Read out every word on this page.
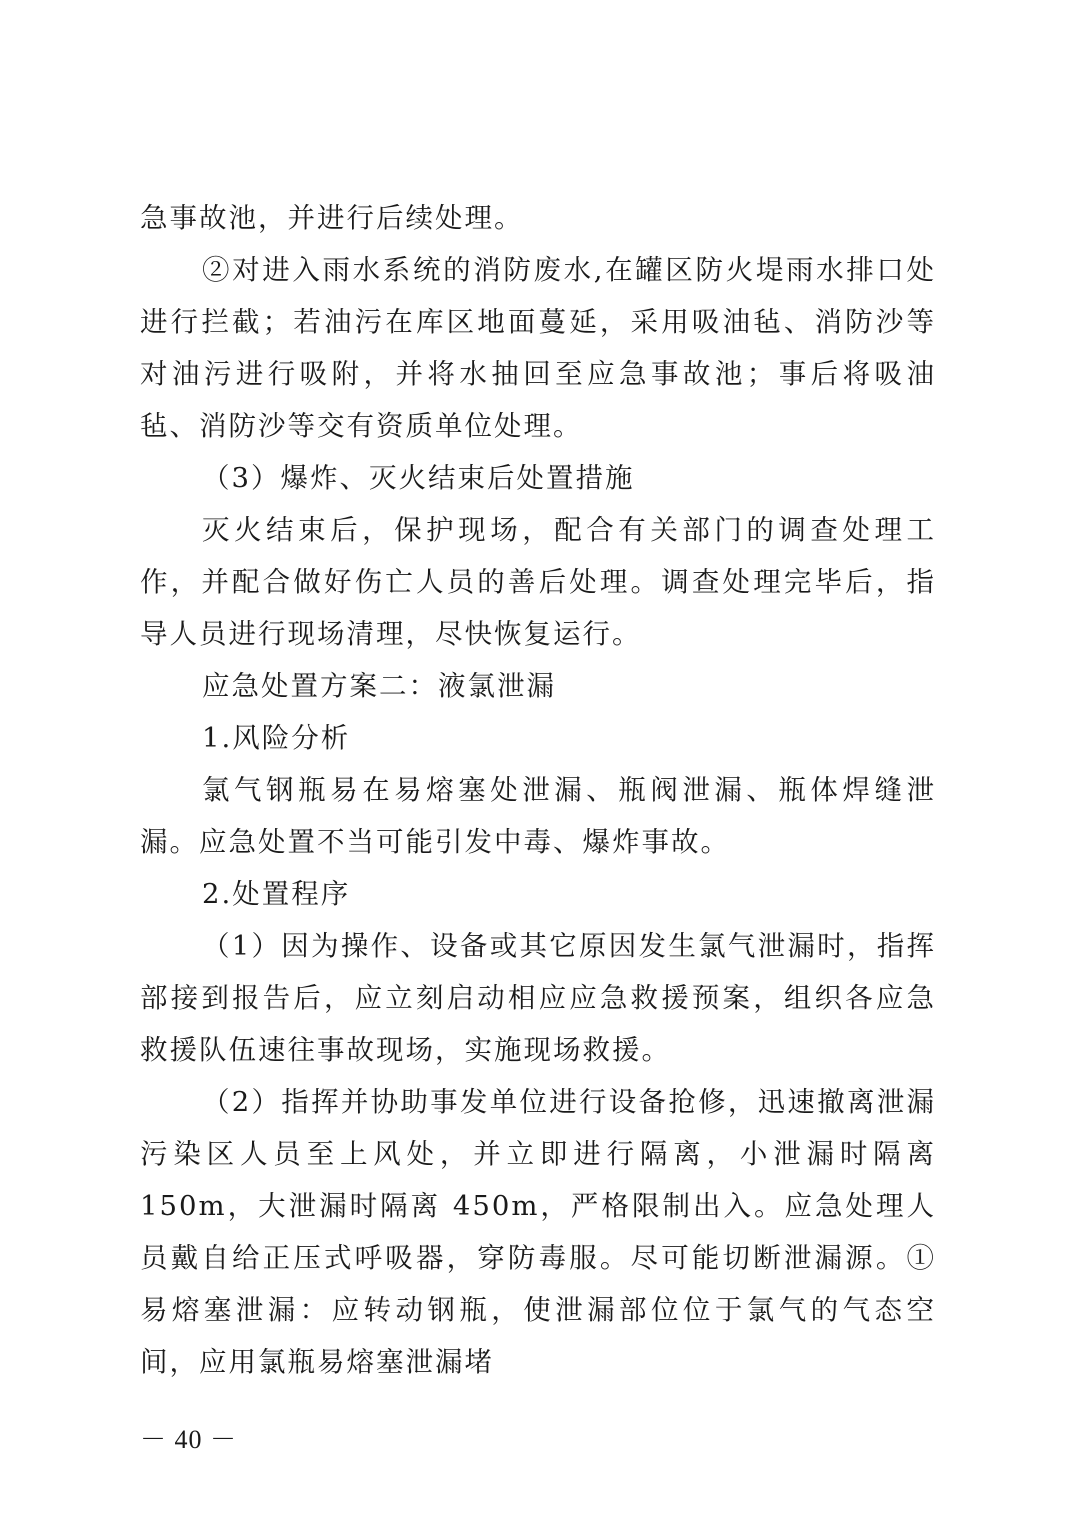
急事故池，并进行后续处理。

②对进入雨水系统的消防废水,在罐区防火堤雨水排口处进行拦截；若油污在库区地面蔓延，采用吸油毡、消防沙等对油污进行吸附，并将水抽回至应急事故池；事后将吸油毡、消防沙等交有资质单位处理。

（3）爆炸、灭火结束后处置措施

灭火结束后，保护现场，配合有关部门的调查处理工作，并配合做好伤亡人员的善后处理。调查处理完毕后，指导人员进行现场清理，尽快恢复运行。

应急处置方案二：液氯泄漏

1.风险分析

氯气钢瓶易在易熔塞处泄漏、瓶阀泄漏、瓶体焊缝泄漏。应急处置不当可能引发中毒、爆炸事故。

2.处置程序

（1）因为操作、设备或其它原因发生氯气泄漏时，指挥部接到报告后，应立刻启动相应应急救援预案，组织各应急救援队伍速往事故现场，实施现场救援。

（2）指挥并协助事发单位进行设备抢修，迅速撤离泄漏污染区人员至上风处，并立即进行隔离，小泄漏时隔离 150m，大泄漏时隔离 450m，严格限制出入。应急处理人员戴自给正压式呼吸器，穿防毒服。尽可能切断泄漏源。①易熔塞泄漏：应转动钢瓶，使泄漏部位位于氯气的气态空间，应用氯瓶易熔塞泄漏堵

－ 40 －
